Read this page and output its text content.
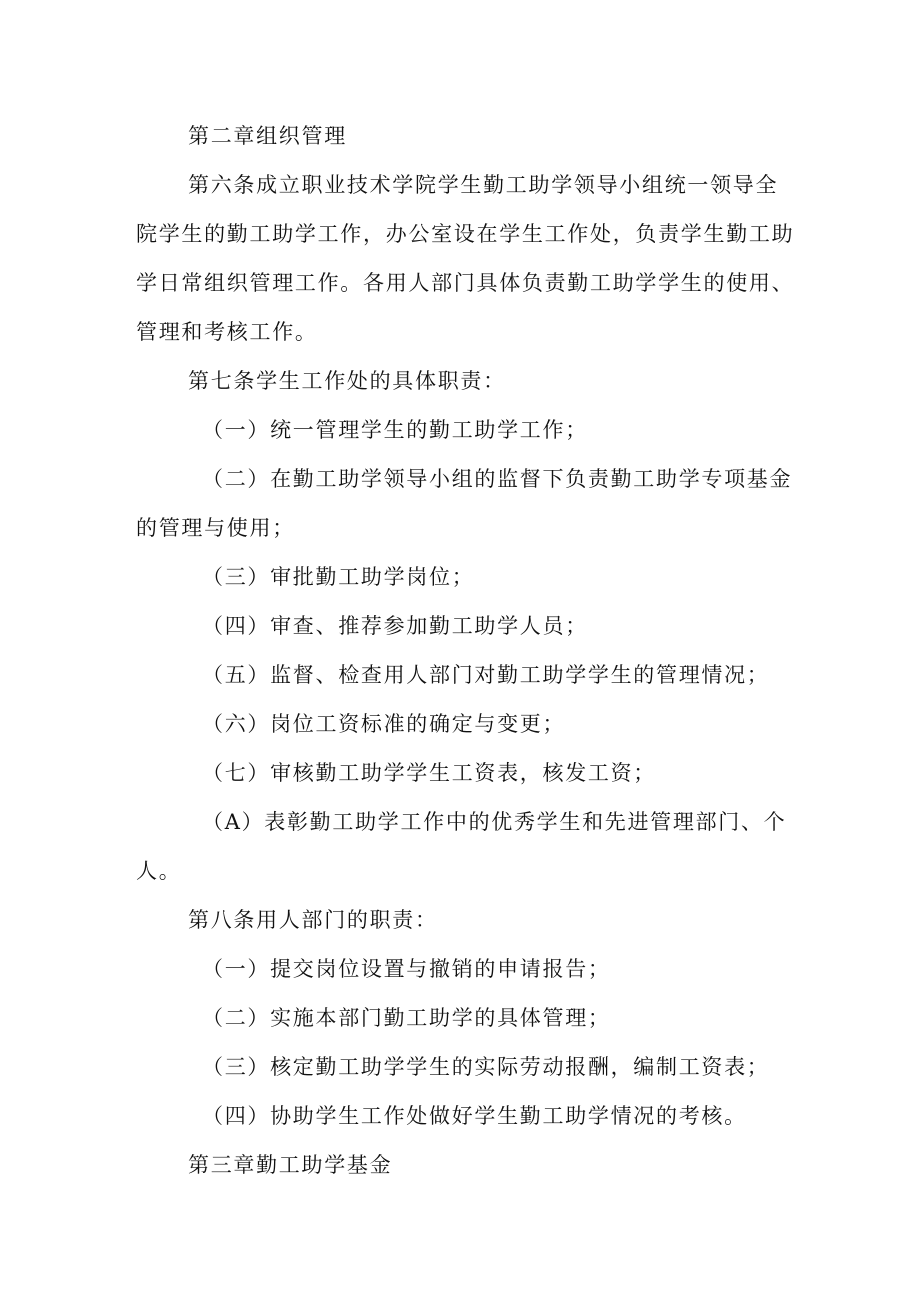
第二章组织管理

第六条成立职业技术学院学生勤工助学领导小组统一领导全院学生的勤工助学工作，办公室设在学生工作处，负责学生勤工助学日常组织管理工作。各用人部门具体负责勤工助学学生的使用、管理和考核工作。

第七条学生工作处的具体职责：

（一）统一管理学生的勤工助学工作；

（二）在勤工助学领导小组的监督下负责勤工助学专项基金的管理与使用；

（三）审批勤工助学岗位；

（四）审查、推荐参加勤工助学人员；

（五）监督、检查用人部门对勤工助学学生的管理情况；

（六）岗位工资标准的确定与变更；

（七）审核勤工助学学生工资表，核发工资；

（A）表彰勤工助学工作中的优秀学生和先进管理部门、个人。

第八条用人部门的职责：

（一）提交岗位设置与撤销的申请报告；

（二）实施本部门勤工助学的具体管理；

（三）核定勤工助学学生的实际劳动报酬，编制工资表；

（四）协助学生工作处做好学生勤工助学情况的考核。

第三章勤工助学基金
